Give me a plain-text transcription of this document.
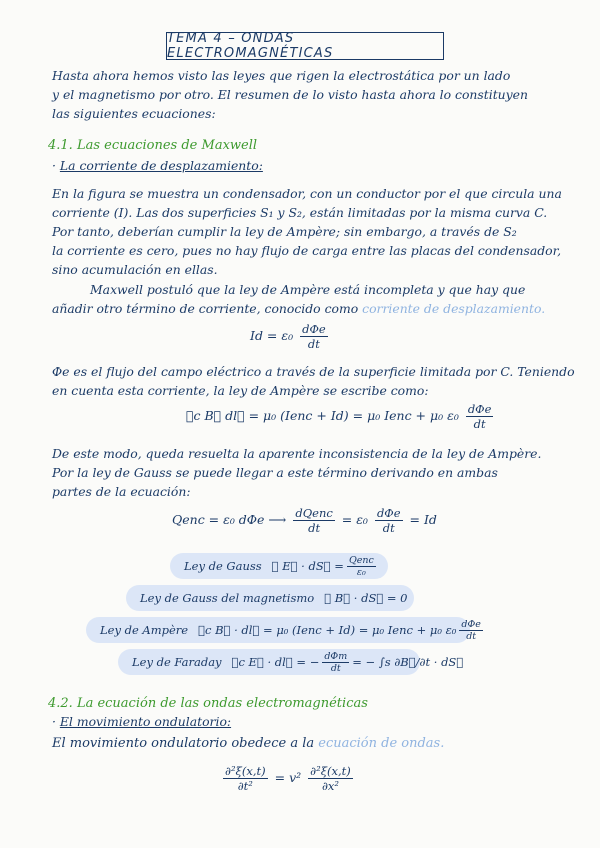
TEMA 4 – ONDAS ELECTROMAGNÉTICAS
Hasta ahora hemos visto las leyes que rigen la electrostática por un lado
y el magnetismo por otro. El resumen de lo visto hasta ahora lo constituyen
las siguientes ecuaciones:
4.1. Las ecuaciones de Maxwell
· La corriente de desplazamiento:
En la figura se muestra un condensador, con un conductor por el que circula una
corriente (I). Las dos superficies S₁ y S₂, están limitadas por la misma curva C.
Por tanto, deberían cumplir la ley de Ampère; sin embargo, a través de S₂
la corriente es cero, pues no hay flujo de carga entre las placas del condensador,
sino acumulación en ellas.
Maxwell postuló que la ley de Ampère está incompleta y que hay que
añadir otro término de corriente, conocido como corriente de desplazamiento.
$Id = \varepsilon_0 \frac{\text{dΦe}}{dt}$
Φe es el flujo del campo eléctrico a través de la superficie limitada por C. Teniendo
en cuenta esta corriente, la ley de Ampère se escribe como:
∮c B⃗ dl⃗ = μ₀ (Ienc + Id) = μ₀ Ienc + μ₀ $\varepsilon_0 \frac{\text{dΦe}}{dt}$
De este modo, queda resuelta la aparente inconsistencia de la ley de Ampère.
Por la ley de Gauss se puede llegar a este término derivando en ambas
partes de la ecuación:
Qenc = ε₀ dΦe ⟶ $\frac{\text{dQenc}}{dt} = \varepsilon_0 \frac{\text{dΦe}}{dt} = Id$
Ley de Gauss ∮ E⃗ · dS⃗ = $\frac{\text{Qenc}}{\text{ε₀}}$
Ley de Gauss del magnetismo ∮ B⃗ · dS⃗ = 0
Ley de Ampère ∮c B⃗ · dl⃗ = μ₀ (Ienc + Id) = μ₀ Ienc + μ₀ $\varepsilon_0 \frac{\text{dΦe}}{dt}$
Ley de Faraday ∮c E⃗ · dl⃗ = − $\frac{\text{dΦm}}{dt}$ = − ∫s ∂B⃗/∂t · dS⃗
4.2. La ecuación de las ondas electromagnéticas
· El movimiento ondulatorio:
El movimiento ondulatorio obedece a la ecuación de ondas.
$\frac{\text{∂²ξ(x,t)}}{\text{∂t²}} = v^2 \frac{\text{∂²ξ(x,t)}}{\text{∂x²}}$
